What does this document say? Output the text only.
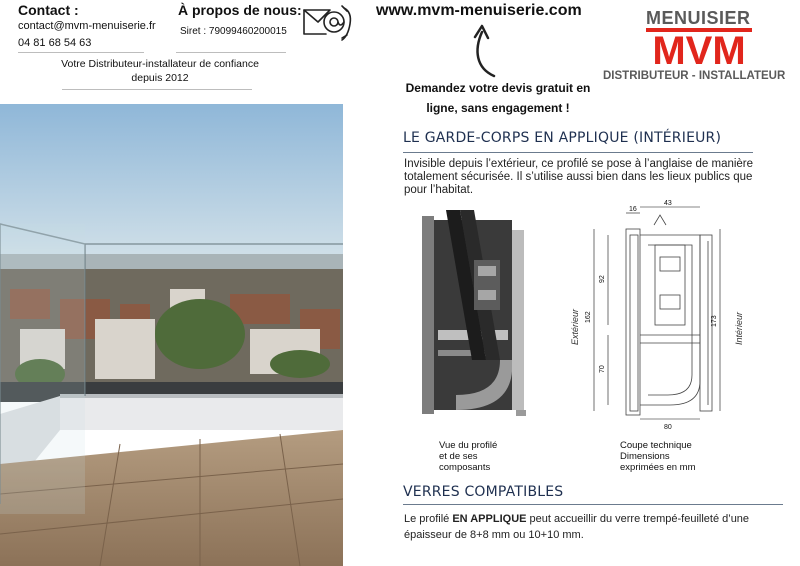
Contact :
contact@mvm-menuiserie.fr
04 81 68 54 63
À propos de nous:
Siret : 79099460200015
Votre Distributeur-installateur de confiance depuis 2012
www.mvm-menuiserie.com
Demandez votre devis gratuit en ligne, sans engagement !
MENUISIER
MVM
DISTRIBUTEUR - INSTALLATEUR
LE GARDE-CORPS EN APPLIQUE (INTÉRIEUR)
Invisible depuis l’extérieur, ce profilé se pose à l’anglaise de manière totalement sécurisée. Il s’utilise aussi bien dans les lieux publics que pour l’habitat.
16
43
92
162	173
70
80
Extérieur	Intérieur
Vue du profilé
et de ses
composants
Coupe technique
Dimensions
exprimées en mm
VERRES COMPATIBLES
Le profilé EN APPLIQUE peut accueillir du verre trempé-feuilleté d’une épaisseur de 8+8 mm ou 10+10 mm.
